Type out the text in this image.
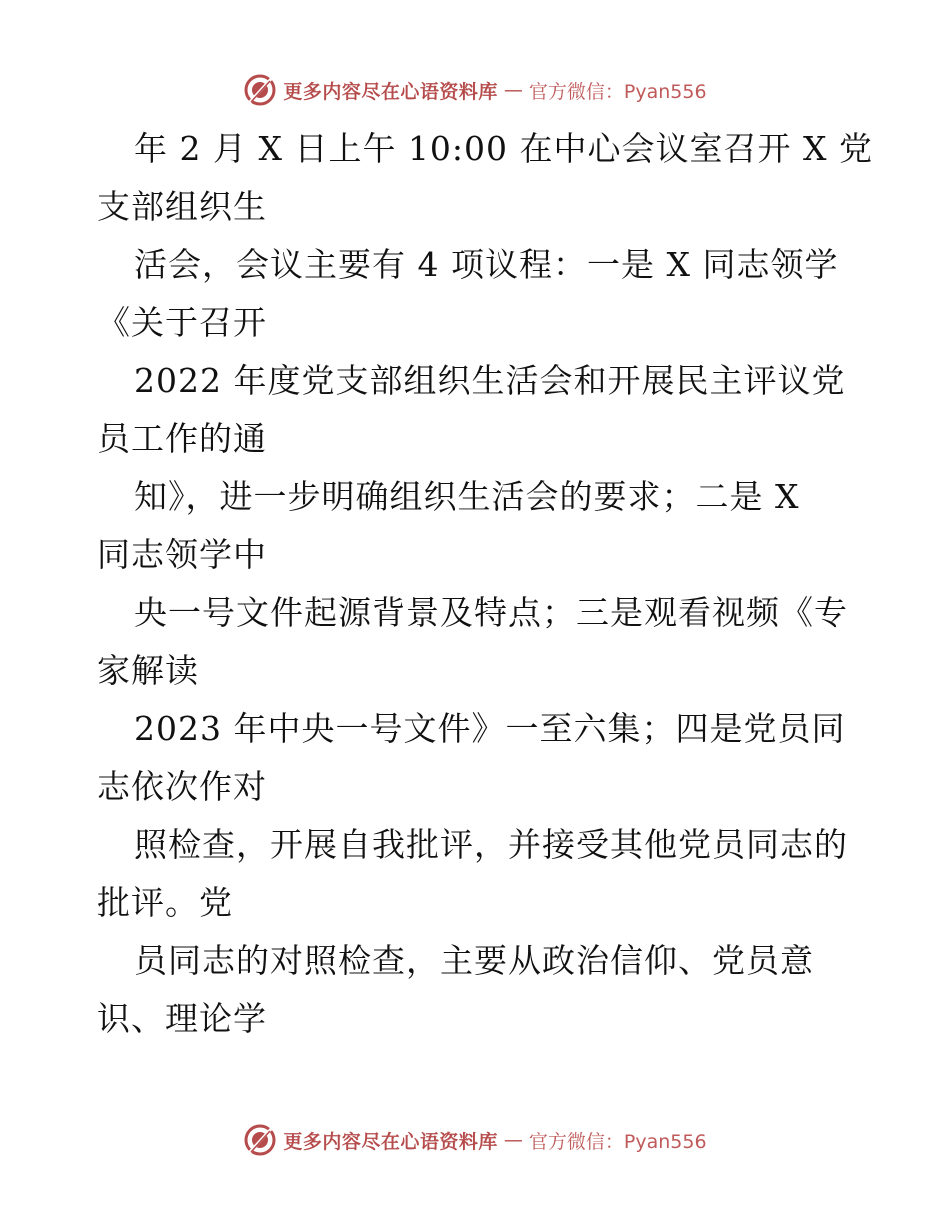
更多内容尽在心语资料库 — 官方微信：Pyan556
年 2 月 X 日上午 10:00 在中心会议室召开 X 党
支部组织生
活会，会议主要有 4 项议程：一是 X 同志领学
《关于召开
2022 年度党支部组织生活会和开展民主评议党
员工作的通
知》，进一步明确组织生活会的要求；二是 X
同志领学中
央一号文件起源背景及特点；三是观看视频《专
家解读
2023 年中央一号文件》一至六集；四是党员同
志依次作对
照检查，开展自我批评，并接受其他党员同志的
批评。党
员同志的对照检查，主要从政治信仰、党员意
识、理论学
更多内容尽在心语资料库 — 官方微信：Pyan556
